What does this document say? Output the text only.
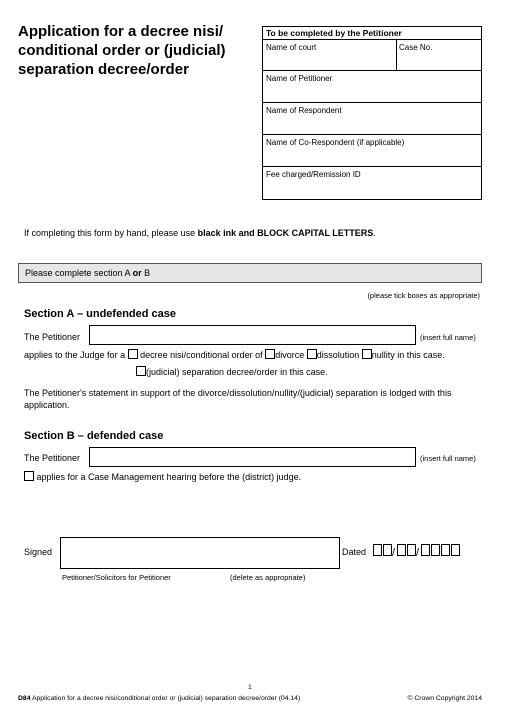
Application for a decree nisi/ conditional order or (judicial) separation decree/order
To be completed by the Petitioner
Name of court	Case No.
Name of Petitioner
Name of Respondent
Name of Co-Respondent (if applicable)
Fee charged/Remission ID
If completing this form by hand, please use black ink and BLOCK CAPITAL LETTERS.
Please complete section A or B
(please tick boxes as appropriate)
Section A – undefended case
The Petitioner	(insert full name)
applies to the Judge for a decree nisi/conditional order of divorce dissolution nullity in this case.
(judicial) separation decree/order in this case.
The Petitioner's statement in support of the divorce/dissolution/nullity/(judicial) separation is lodged with this application.
Section B – defended case
The Petitioner	(insert full name)
applies for a Case Management hearing before the (district) judge.
Signed	Dated	/ /
Petitioner/Solicitors for Petitioner	(delete as appropriate)
1
D84 Application for a decree nisi/conditional order or (judicial) separation decree/order (04.14)	© Crown Copyright 2014
